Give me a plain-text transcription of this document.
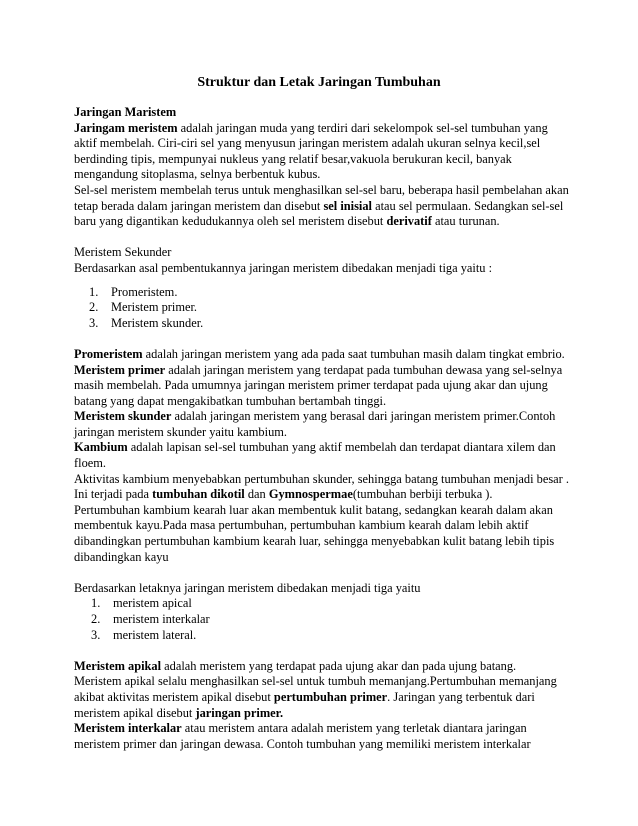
Struktur dan Letak Jaringan Tumbuhan

Jaringan Maristem

Jaringam meristem adalah jaringan muda yang terdiri dari sekelompok sel-sel tumbuhan yang aktif membelah. Ciri-ciri sel yang menyusun jaringan meristem adalah ukuran selnya kecil,sel berdinding tipis, mempunyai nukleus yang relatif besar,vakuola berukuran kecil, banyak mengandung sitoplasma, selnya berbentuk kubus.

Sel-sel meristem membelah terus untuk menghasilkan sel-sel baru, beberapa hasil pembelahan akan tetap berada dalam jaringan meristem dan disebut sel inisial atau sel permulaan. Sedangkan sel-sel baru yang digantikan kedudukannya oleh sel meristem disebut derivatif atau turunan.

Meristem Sekunder

Berdasarkan asal pembentukannya jaringan meristem dibedakan menjadi tiga yaitu :

1. Promeristem.
2. Meristem primer.
3. Meristem skunder.

Promeristem adalah jaringan meristem yang ada pada saat tumbuhan masih dalam tingkat embrio.

Meristem primer adalah jaringan meristem yang terdapat pada tumbuhan dewasa yang sel-selnya masih membelah. Pada umumnya jaringan meristem primer terdapat pada ujung akar dan ujung batang yang dapat mengakibatkan tumbuhan bertambah tinggi.

Meristem skunder adalah jaringan meristem yang berasal dari jaringan meristem primer.Contoh jaringan meristem skunder yaitu kambium.

Kambium adalah lapisan sel-sel tumbuhan yang aktif membelah dan terdapat diantara xilem dan floem.

Aktivitas kambium menyebabkan pertumbuhan skunder, sehingga batang tumbuhan menjadi besar . Ini terjadi pada tumbuhan dikotil dan Gymnospermae(tumbuhan berbiji terbuka ).

Pertumbuhan kambium kearah luar akan membentuk kulit batang, sedangkan kearah dalam akan membentuk kayu.Pada masa pertumbuhan, pertumbuhan kambium kearah dalam lebih aktif dibandingkan pertumbuhan kambium kearah luar, sehingga menyebabkan kulit batang lebih tipis dibandingkan kayu

Berdasarkan letaknya jaringan meristem dibedakan menjadi tiga yaitu

1. meristem apical
2. meristem interkalar
3. meristem lateral.

Meristem apikal adalah meristem yang terdapat pada ujung akar dan pada ujung batang.

Meristem apikal selalu menghasilkan sel-sel untuk tumbuh memanjang.Pertumbuhan memanjang akibat aktivitas meristem apikal disebut pertumbuhan primer. Jaringan yang terbentuk dari meristem apikal disebut jaringan primer.

Meristem interkalar atau meristem antara adalah meristem yang terletak diantara jaringan meristem primer dan jaringan dewasa. Contoh tumbuhan yang memiliki meristem interkalar
